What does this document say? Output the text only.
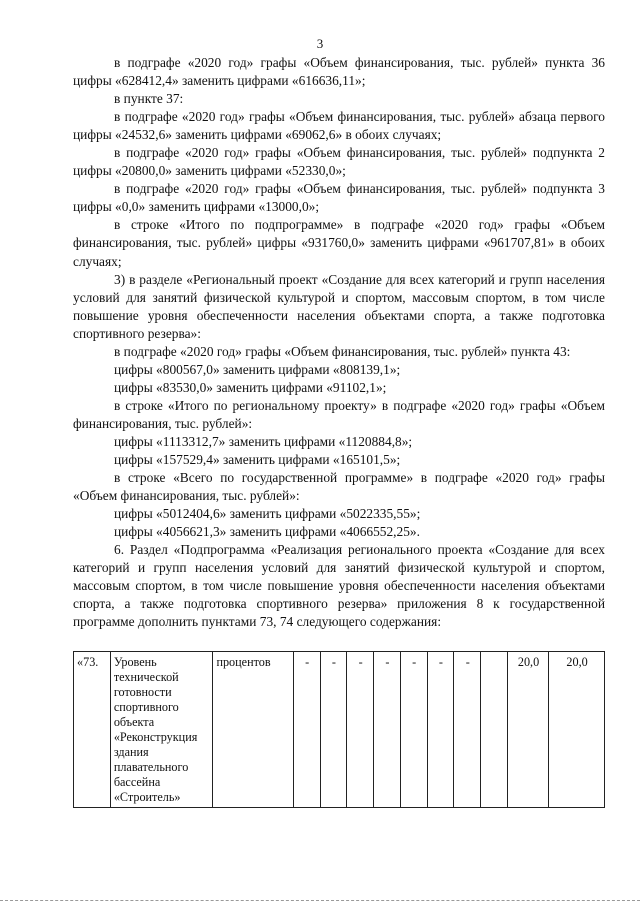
3

в подграфе «2020 год» графы «Объем финансирования, тыс. рублей» пункта 36 цифры «628412,4» заменить цифрами «616636,11»;

в пункте 37:

в подграфе «2020 год» графы «Объем финансирования, тыс. рублей» абзаца первого цифры «24532,6» заменить цифрами «69062,6» в обоих случаях;

в подграфе «2020 год» графы «Объем финансирования, тыс. рублей» подпункта 2 цифры «20800,0» заменить цифрами «52330,0»;

в подграфе «2020 год» графы «Объем финансирования, тыс. рублей» подпункта 3 цифры «0,0» заменить цифрами «13000,0»;

в строке «Итого по подпрограмме» в подграфе «2020 год» графы «Объем финансирования, тыс. рублей» цифры «931760,0» заменить цифрами «961707,81» в обоих случаях;

3) в разделе «Региональный проект «Создание для всех категорий и групп населения условий для занятий физической культурой и спортом, массовым спортом, в том числе повышение уровня обеспеченности населения объектами спорта, а также подготовка спортивного резерва»:

в подграфе «2020 год» графы «Объем финансирования, тыс. рублей» пункта 43:

цифры «800567,0» заменить цифрами «808139,1»;

цифры «83530,0» заменить цифрами «91102,1»;

в строке «Итого по региональному проекту» в подграфе «2020 год» графы «Объем финансирования, тыс. рублей»:

цифры «1113312,7» заменить цифрами «1120884,8»;

цифры «157529,4» заменить цифрами «165101,5»;

в строке «Всего по государственной программе» в подграфе «2020 год» графы «Объем финансирования, тыс. рублей»:

цифры «5012404,6» заменить цифрами «5022335,55»;

цифры «4056621,3» заменить цифрами «4066552,25».

6. Раздел «Подпрограмма «Реализация регионального проекта «Создание для всех категорий и групп населения условий для занятий физической культурой и спортом, массовым спортом, в том числе повышение уровня обеспеченности населения объектами спорта, а также подготовка спортивного резерва» приложения 8 к государственной программе дополнить пунктами 73, 74 следующего содержания:

«73.	Уровень технической готовности спортивного объекта «Реконструкция здания плавательного бассейна «Строитель»	процентов	-	-	-	-	-	-	-		20,0	20,0
